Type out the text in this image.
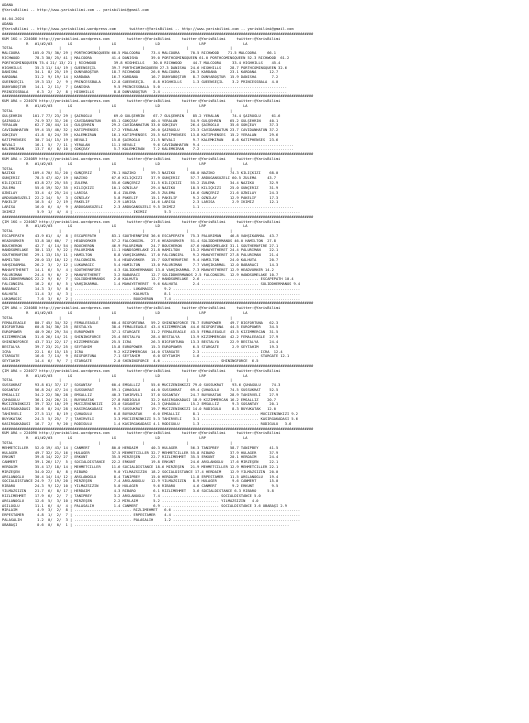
ADANA
@YarisBilimi -- http://www.yarisbilimi.com -- yarisbilimi@gmail.com
04.04.2024
ADANA
@YarisBilimi -- http://www.yarisbilimi.wordpress.com      twitter:@YarisBilimi -- http://www.yarisbilimi.com -- yarisbilimi@gmail.com
##############################################################################################################################################
KUM 1KG = 224086 http://yarisbilimi.wordpress.com        twitter:@YarisBilimi     twitter:@YarisBilimi     twitter:@YarisBilimi
R   #1/#2/#3       LG                  LG                  LD                  LRP                 LA
TOTAL                     |                 |                   |                   |                   |
MALCOORA      105.0 75/ 30/ 29 | PORTHCOMINGQUEEN 66.5 MALCOORA     73.4 MALCOORA     70.5 RICHWOOD    71.5 MALCOORA     66.1
RICHWOOD       78.3 30/ 25/ 41 | MALCOORA         41.4 DANISHA      39.0 PORTHCOMINGQUEEN 61.0 PORTHCOMINGQUEEN 52.3 RICHWOOD  61.2
PORTHCOMINGQUEEN 75.4 21/ 13/ 21 | RICHWOOD        39.8 HIGHHILLS    30.0 RICHWOOD     44.7 MALCOORA     33.4 HIGHHILLS    45.4
HIGHHILLS      35.3 11/ 14/ 19 | GUEENSEÇIL       39.7 PORTHCOMINGQUEEN 27.3 DANISHA  24.6 HIGHHILLS    28.7 PORTHCOMINGQUEEN 32.6
DANISHA        34.1  8/ 25/ 19 | DÜNYABOŞTUR      18.7 RICHWOOD     26.6 MALCOORA     20.3 KARDANA      23.1 KARDANA      12.7
KARDANA        31.2  9/ 19/ 14 | KARDANA          16.7 KARDANA      16.7 DÜNYABOŞTUR   8.7 DÜNYABOŞTUR  15.9 DANISHA       7.2
GUEENSEÇIL     19.3 13/  2/  9 | PRINCESSBALA     12.8 GUEENSEÇIL    8.8 HIGHHILLS     1.3 GUEENSEÇIL    3.2 PRINCESSBALA  4.0
DÜNYABOŞTUR    14.1  2/ 11/  7 | DANISHA           9.5 PRINCESSBALA  5.0 .........................................................
PRINCESSBALA    6.3  2/  2/  8 | HIGHHILLS         8.8 DÜNYABOŞTUR   2.4 .........................................................
##############################################################################################################################################
KUM ARA = 224076 http://yarisbilimi.wordpress.com        twitter:@YarisBilimi     twitter:@YarisBilimi     twitter:@YarisBilimi
R   #1/#2/#3       LG                  LG                  LD                  LRP                 LA
TOTAL                     |                 |                   |                   |                   |
GÜLŞEHRIN     101.7 77/ 23/ 29 | ŞAİROĞLU          69.0 GÜLŞEHRIN    67.7 GÜLŞEHRIN    85.2 YERALAN      74.4 ŞAİROĞLU     61.6
ŞAİROĞLU       74.9 37/ 31/ 26 | CAVIDANHATUN     65.1 GÖKÇEAY      40.4 YERALAN      54.9 GÜLŞEHRIN    65.2 GÜLŞEHRIN    40.1
YERALAN        62.7 28/ 44/ 14 | GÜLŞEHRIN        29.2 CAVIDANHATUN 33.0 GÖKÇEAY      26.4 ŞAİROĞLU     35.6 GÖKÇEAY      37.3
CAVIDANHATUN   59.4 15/ 40/ 32 | KATIPHENSES      17.2 YERALAN      26.0 ŞAİROĞLU     23.3 CAVIDANHATUN 23.7 CAVIDANHATUN 37.2
GÖKÇEAY        41.8  8/ 24/ 39 | KALEMKIRAN       16.1 KATIPHENSES  25.5 KATIPHENSES  13.8 KATIPHENSES  15.2 YERALAN      29.6
KATIPHENSES    30.7 14/ 15/ 19 | NEVALI           15.8 ŞAİROĞLU     21.5 NEVALI        9.7 KALEMKIRAN    8.6 KATIPHENSES  23.6
NEVALI         16.1  5/  7/ 11 | YERALAN          11.1 NEVALI        9.6 CAVIDANHATUN  9.4 ..........................................
KALEMKIRAN     13.7  6/  8/ 10 | GÖKÇEAY           5.7 KALEMKIRAN    7.2 KALEMKIRAN    7.2 ..........................................
##############################################################################################################################################
KUM ARA = 224089 http://yarisbilimi.wordpress.com        twitter:@YarisBilimi     twitter:@YarisBilimi     twitter:@YarisBilimi
R   #1/#2/#3       LG                  LG                  LD                  LRP                 LA
TOTAL                     |                 |                   |                   |                   |
NAZIKO        109.4 70/ 51/ 20 | GÜNÇERIZ         76.1 NAZIKO       59.3 NAZIKO       68.0 NAZIKO       74.3 KILIÇKIZI    68.0
GÜNÇERIZ       78.5 47/ 42/ 19 | NAZIKO           67.6 KILIÇKIZI    37.9 GÜNÇERIZ     57.7 ARDUGANSÜZELI 60.5 ZULEMA     43.7
KILIÇKIZI      63.8 27/ 25/ 55 | ZULEMA           55.6 GÜNÇERIZ     31.5 KILIÇKIZI    55.2 ZULEMA       34.4 NAZIKO       32.9
ZULEMA         55.6 19/ 32/ 35 | KILIÇKIZI        10.1 ÖZNILAY      29.4 NAZIKO       18.5 KILIÇKIZI    25.0 GÜNÇERIZ     31.9
ÖZNILAY        33.4  4/ 25/ 24 | LARISA            8.4 ZULEMA       26.5 ZULEMA       16.6 GÜNÇERIZ     21.6 ÖZNILAY      24.3
ARDUGANSÜZELI  22.2 14/  5/  3 | ÖZNILAY           5.8 PAKELIF      15.1 PAKELIF       9.2 ÖZNILAY      12.9 PAKELIF      17.3
PAKELIF        16.5  4/  2/ 19 | PAKELIF           2.9 LARISA       14.6 LARISA        2.3 LARISA        2.9 IKIMIZ       12.1
LARISA         16.0  6/  4/  9 | ARDUGANSÜZELI     2.3 ARDUGANSÜZELI 9.5 IKIMIZ        1.1 ..........................................
IKIMIZ          5.9  1/  4/  4 | .......................... IKIMIZ        5.3 ..........................................................
##############################################################################################################################################
ÇIM 1KG = 224087 http://yarisbilimi.wordpress.com        twitter:@YarisBilimi     twitter:@YarisBilimi     twitter:@YarisBilimi
R   #1/#2/#3       LG                  LG                  LD                  LRP                 LA
TOTAL                     |                 |                   |                   |                   |
ESCAPEPATH     43.9 61/  4/  8 | ESCAPEPATH       83.1 SOUTHERNFIRE 36.6 ESCAPEPATH   75.3 PALURIMAN    46.8 VAHŞIKARMAL  43.7
HEADVORKER     53.8 10/ 60/  7 | HEADVORKER       57.2 FALCONGIRL   27.6 HEADVORKER   51.4 SOLIDDHERMANOS 46.0 HAMILTON  27.8
BOUCHERON      42.7  4/ 14/ 54 | BOUCHERON        46.9 PALURIMAN    24.7 BOUCHERON    47.6 HANDSOMELAKE 31.1 SOUTHERNFIRE 27.1
HANDSOMELAKE   30.1 13/  9/ 22 | PALURIMAN        11.1 HANDSOMELAKE 21.8 HAMILTON     15.2 MAHAYETHERET 24.4 PALURIMAN    22.1
SOUTHERNFIRE   29.1 13/ 15/ 11 | HAMILTON          8.8 VAHŞIKARMAL  17.0 FALCONGIRL    9.2 MAHAYETHERET 27.8 PALURIMAN    21.4
HAMILTON       20.0 13/ 10/ 12 | FALCONGIRL        5.4 HEADVORKER   15.7 SOUTHERNFIRE  9.4 HAMILTON     24.0 KALHUTA      20.7
VAHŞIKARMAL    26.2  3/  2/ 12 | LUKAMAGIC         5.4 HAMILTON     13.0 PALURIMAN     7.7 VAHŞIKARMAL  12.0 BABARACI     14.3
MAHAYETHERET   14.1  6/  5/  4 | SOUTHERNFIRE      4.3 SOLIDDHERMANOS 13.0 VAHŞIKARMAL 7.3 MAHAYETHERET 12.9 HEADVORKER 14.2
PALURIMAN      24.4  9/  0/  2 | MAHAYETHERET      3.2 BABARACI     12.7 SOLIDDHERMANOS 2.5 FALCONGIRL  12.9 HANDSOMELAKE 10.7
SOLIDDHERMANOS 22.2  9/  6/  7 | SOLIDDHERMANOS    2.0 KALHUTA      12.7 HANDSOMELAKE  2.6 .......................... ESCAPEPATH 10.4
FALCONGIRL     16.2  6/  0/  5 | VAHŞIKARMAL       1.4 MAHAYETHERET  9.6 KALHUTA       2.4 .......................... SOLIDDHERMANOS 9.4
BABARACI       14.3  3/  5/  8 | .......................... LUKAMAGIC     9.2 ..........................................................
KALHUTA        11.4  3/  4/  3 | .......................... KALHUTA       8.1 ..........................................................
LUKAMAGIC       7.6  3/  6/  2 | .......................... BOUCHERON     7.4 ..........................................................
##############################################################################################################################################
ÇIM ARA = 224088 http://yarisbilimi.wordpress.com        twitter:@YarisBilimi     twitter:@YarisBilimi     twitter:@YarisBilimi
R   #1/#2/#3       LG                  LG                  LD                  LRP                 LA
TOTAL                     |                 |                   |                   |                   |
FEMALEEAGLE    80.7 45/ 34/ 32 | FEMALEEAGLE      60.4 BIGFORTUNA   59.2 SHININGFORCE 78.7 EUROPOWER    49.7 BIGFORTUNA   62.3
BIGFORTUNA     60.8 34/ 30/ 25 | BESTALYA         38.4 FEMALEEAGLE  43.4 KIZIMMERCAN  44.6 BIGFORTUNA   44.5 EUROPOWER    34.5
EUROPOWER      40.9 26/ 29/ 34 | EUROPOWER        37.1 STARGATE     31.2 FEMALEEAGLE  43.5 FEMALEEAGLE  43.5 KIZIMMERCAN  31.5
KIZIMMERCAN    31.6 26/ 14/ 21 | SHININGFORCE     25.4 BESTALYA     28.4 BESTALYA     13.9 KIZIMMERCAN  42.2 FEMALEEAGLE  27.9
SHININGFORCE   43.7 31/ 22/ 17 | KIZIMMERCAN      25.5 ICRA         26.3 BIGFORTUNA   13.3 BESTALYA     22.9 BESTALYA     24.4
BESTALYA       39.7 23/ 21/ 25 | SEYTAHIM         15.8 EUROPOWER    15.3 EUROPOWER     6.5 STARGATE      2.9 SEYTAHIM     19.3
ICRA           22.1  6/ 15/ 15 | ICRA              9.2 KIZIMMERCAN  14.0 STARGATE      2.3 .......................... ICRA  12.4
STARGATE       16.6  7/ 14/  9 | BIGFORTUNA        7.1 SEYTAHIM      6.0 SEYTAHIM      1.6 .......................... STARGATE 12.1
SEYTAHIM       14.4  6/  9/  7 | STARGATE          2.0 SHININGFORCE  4.6 .......................... SHININGFORCE  6.5
##############################################################################################################################################
ÇIM ARA = 224077 http://yarisbilimi.wordpress.com        twitter:@YarisBilimi     twitter:@YarisBilimi     twitter:@YarisBilimi
R   #1/#2/#3       LG                  LG                  LD                  LRP                 LA
TOTAL                     |                 |                   |                   |                   |
SUSSUKRAT      93.8 61/ 37/ 17 | SOSANTAY         60.4 EMSALLIZ     55.6 MUCIZENINKIZI 79.0 SUSSUKRAT    93.6 ÇUHAGÜLÜ     74.3
SOSANTAY       56.8 24/ 47/ 24 | SUSSUKRAT        59.1 ÇUHAGÜLÜ     44.0 SUSSUKRAT    69.4 ÇUHAGÜLÜ     74.5 SUSSUKRAT    52.5
EMSALLIZ       34.2 22/ 30/ 28 | EMSALLIZ         40.3 TAHIRVELI    37.0 SOSANTAY     24.7 BÜYÜKATAK    28.9 TAHIRVELI    27.9
ÇUHAGÜLÜ       36.1 24/ 20/ 21 | BÜYÜKATAK        27.8 RODİGÜLÜ     32.2 KASIRGAKADASI 18.9 KIZIMMERCAN 16.2 EMSALLIZ    20.7
MUCIZENINKIZI  39.7 32/ 10/ 29 | MUCIZENINKIZI    23.0 SOSANTAY     24.3 ÇUHAGÜLÜ     15.2 EMSALLIZ      9.3 SOSANTAY     20.1
KASIRGAKADASI  30.6  8/ 24/ 28 | KASIRGAKADASI     9.7 SUSSUKRAT    19.7 MUCIZENINKIZI 14.0 RODİGÜLÜ     8.3 BÜYÜKATAK   12.0
TAHIRVELI      27.5 11/  8/ 19 | ÇUHAGÜLÜ          6.8 BÜYÜKATAK     6.0 EMSALLIZ      8.1 .......................... MUCIZENINKIZI 9.2
BÜYÜKATAK      24.3  5/ 25/  7 | TAHIRVELI         3.3 MUCIZENINKIZI 5.3 TAHIRVELI     3.1 .......................... KASIRGAKADASI 5.6
KASIRGAKADASI  16.7  2/  9/ 20 | RODİGÜLÜ          1.4 KASIRGAKADASI 4.1 RODİGÜLÜ      1.3 .......................... RODİGÜLÜ   3.6
##############################################################################################################################################
KUM ARA = 224090 http://yarisbilimi.wordpress.com        twitter:@YarisBilimi     twitter:@YarisBilimi     twitter:@YarisBilimi
R   #1/#2/#3       LG                  LG                  LD                  LRP                 LA
TOTAL                     |                 |                   |                   |                   |
MEHMETCILLER   52.0 19/ 43/ 14 | CANMERT          80.0 HERDAIM      40.3 HULAGER      56.3 TANIPBEY     58.7 TANIPBEY     41.5
HULAGER        49.7 32/ 21/ 16 | HULAGER          37.5 MEHMETCILLER 32.7 MEHMETCILLER 55.8 RIBARO       37.9 HULAGER      37.9
ERKUNT         39.8 14/ 22/ 27 | ERKUNT           35.5 MIRZEŞEN     22.7 RIZLIMEHMET  35.5 ERKUNT       20.1 HERDAIM      24.4
CANMERT        39.1 26/ 17/  5 | SOCIALDISTANCE   22.2 ERKUNT       19.8 ERKUNT       24.6 ARSLANOĞLU   17.6 MIRZEŞEN     22.1
HERDAIM        35.4 17/ 18/ 14 | MEHMETCILLER     11.6 SOCIALDISTANCE 18.6 MIRZEŞEN   21.9 MEHMETCILLER 12.9 MEHMETCILLER 22.1
MIRZEŞEN       34.0 22/  8/  8 | RIBARO            9.0 YILMAZSIZIN  18.2 SOCIALDISTANCE 17.4 HERDAIM    12.9 YILMAZSIZIN  20.0
ARSLANOĞLU     30.4 14/ 14/ 12 | ARSLANOĞLU        8.4 TANIPBEY     15.0 HERDAIM      11.8 ERPESTAMER   11.5 ARSLANOĞLU   19.4
SOCIALDISTANCE 24.9  7/ 19/ 20 | MIRZEŞEN          7.4 ARSLANOĞLU   12.9 YILMAZSIZIN   8.9 HULAGER       9.6 CANMERT      15.0
RIBARO         24.3  9/ 12/ 10 | YILMAZSIZIN       5.0 HULAGER       9.6 RIBARO        4.6 CANMERT       9.2 ERKUNT        9.5
YILMAZSIZIN    21.7  6/  8/ 17 | HERDAIM           4.3 RIBARO        6.1 RIZLIMEHMET   3.6 SOCIALDISTANCE 6.3 RIBARO     5.8
RIZLIMEHMET    17.9  6/  2/  7 | TANIPBEY          3.2 ARSLANOĞLU    7.4 .......................... SOCIALDISTANCE 5.0
ARSLANOĞLU     12.6  5/  3/ 10 | MIRZEŞEN          2.2 MIRLAIM       5.2 .......................... YILMAZSIZIN   4.0
ASILOĞLU       11.1  6/  4/  4 | PALASALIH         1.4 CANMERT       6.9 .......................... SOCIALDISTANCE 3.6 OBABAŞI 2.9
MIRLAIM         4.9  3/  2/  8 | .......................... RIZLIMEHMET   6.6 ..........................................................
ERPESTAMER      4.8  1/  2/  7 | .......................... ERPESTAMER    4.4 ..........................................................
PALASALIH       1.2  0/  2/  3 | .......................... PALASALIH     1.2 ..........................................................
OBABAŞI         0.6  0/  0/  1 | ..................................................................................................
